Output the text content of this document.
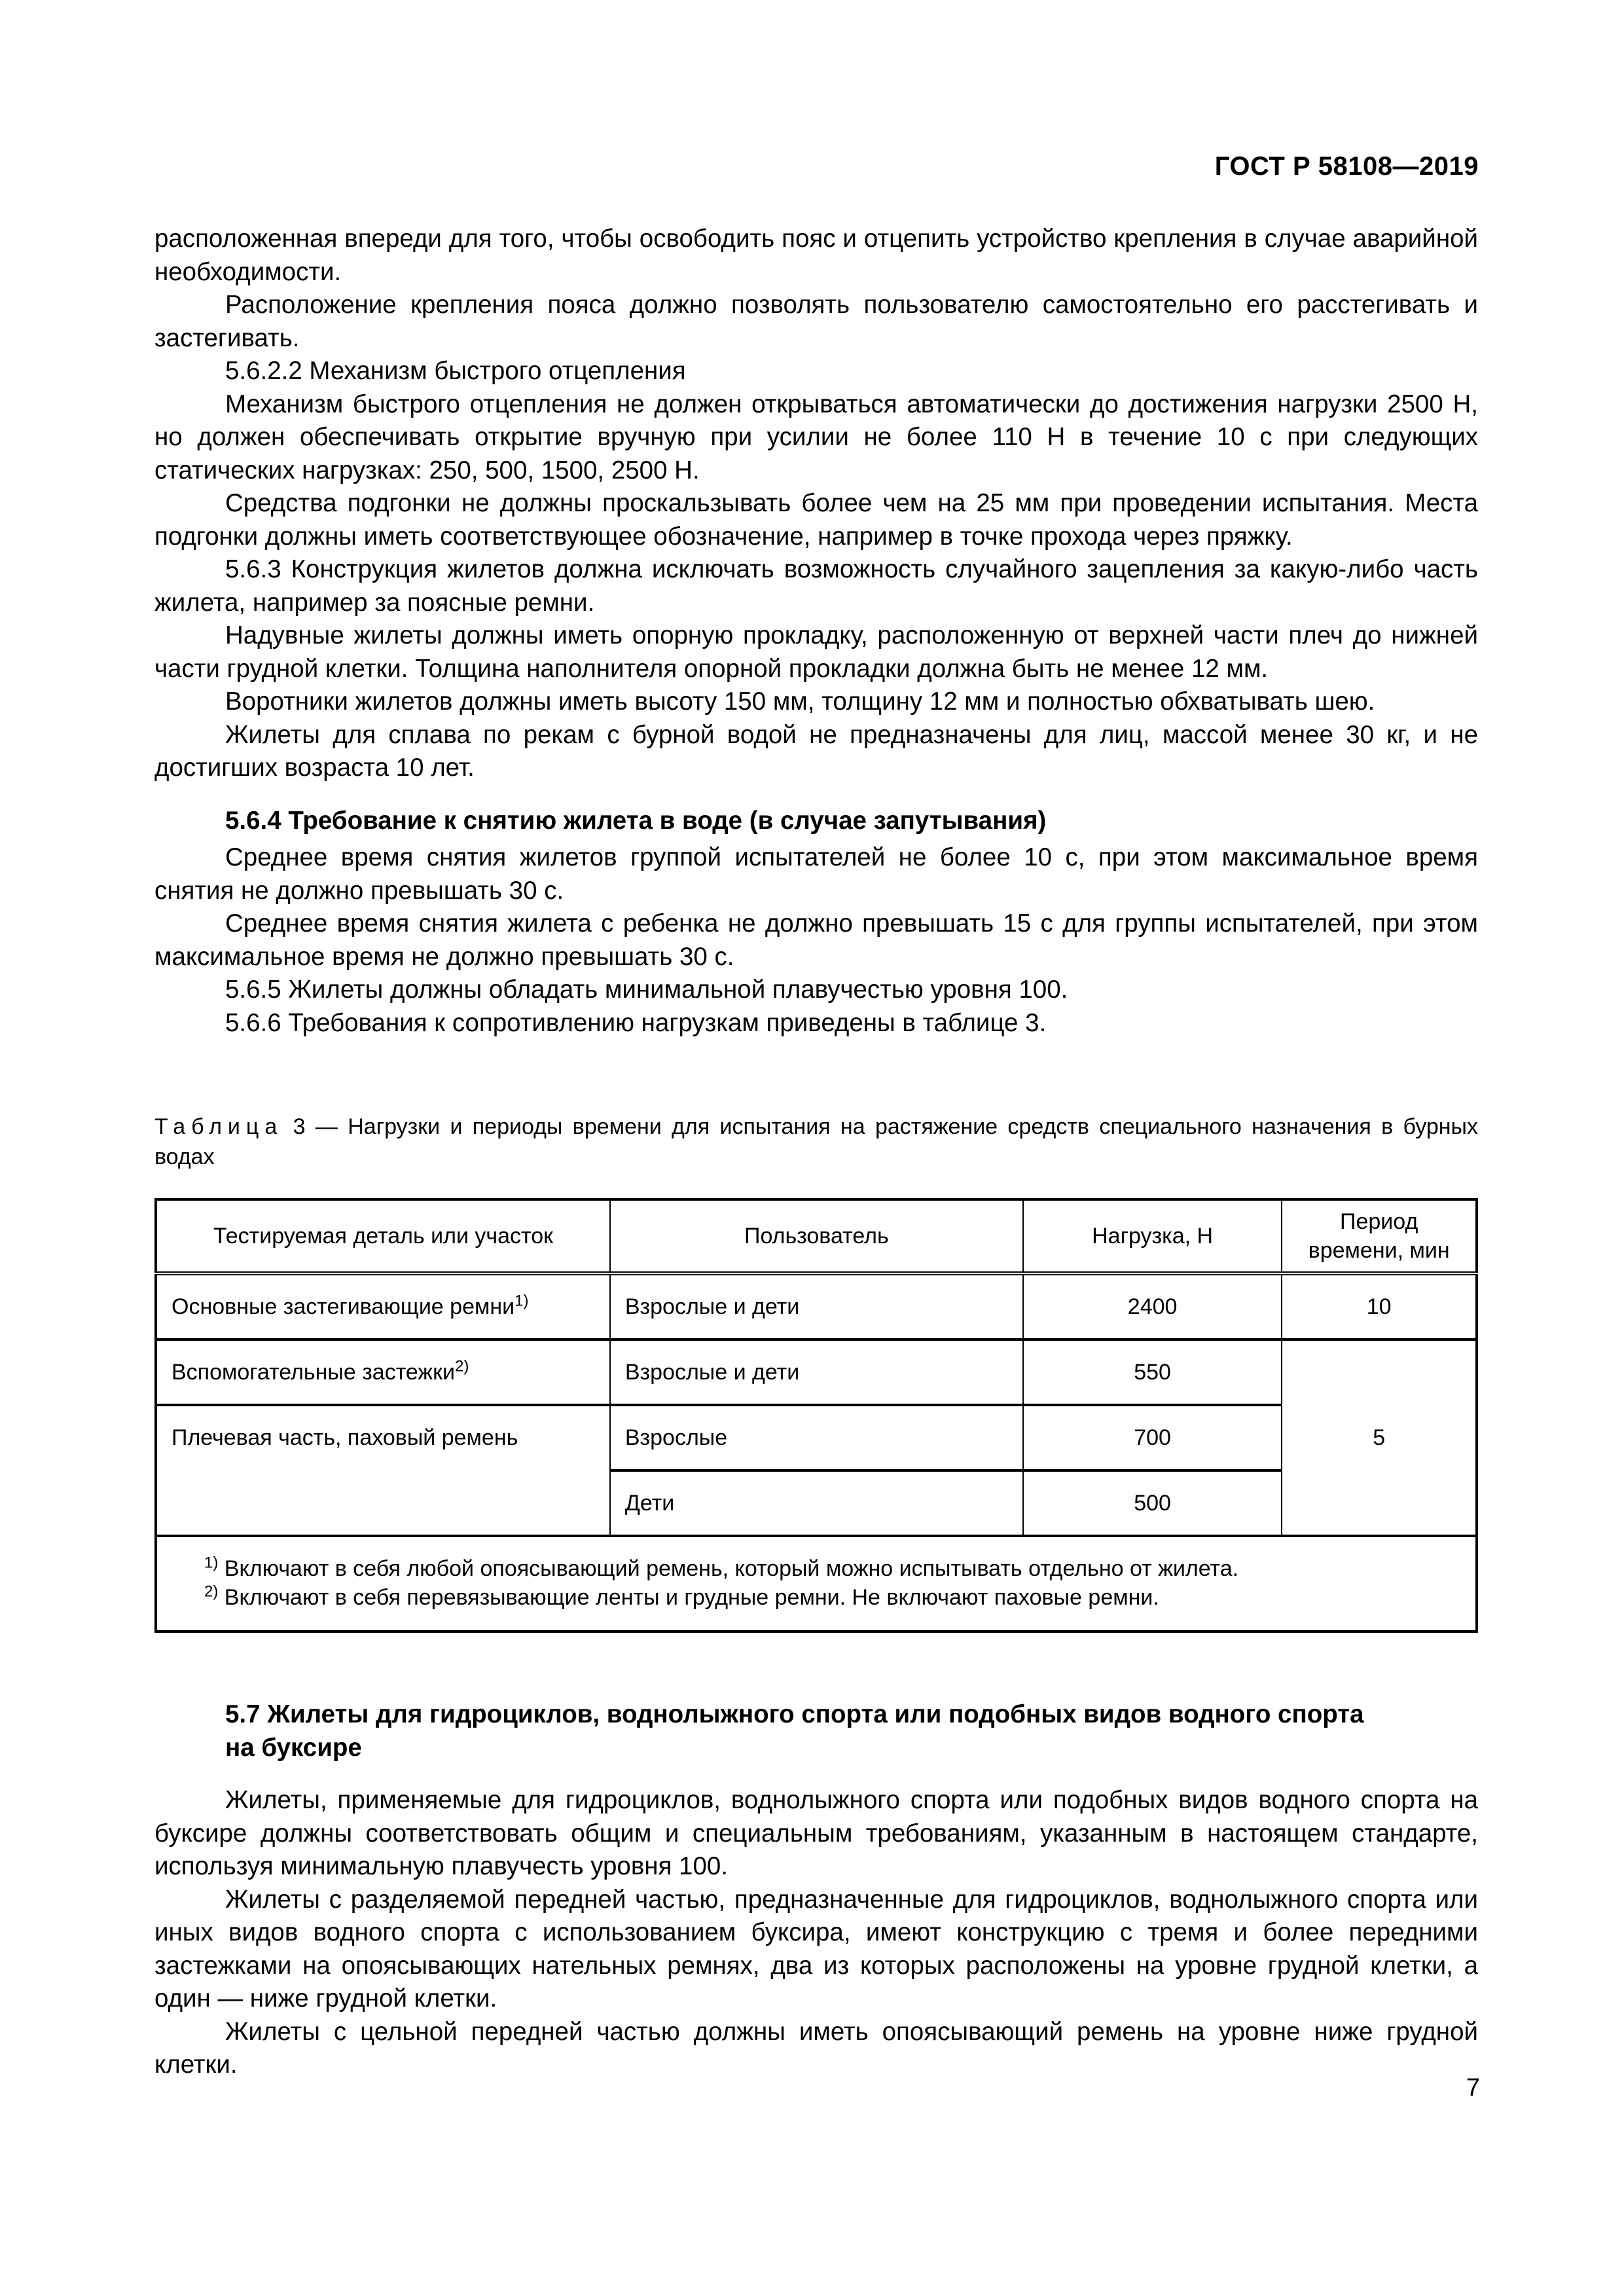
ГОСТ Р 58108—2019

расположенная впереди для того, чтобы освободить пояс и отцепить устройство крепления в случае аварийной необходимости.

Расположение крепления пояса должно позволять пользователю самостоятельно его расстегивать и застегивать.

5.6.2.2 Механизм быстрого отцепления

Механизм быстрого отцепления не должен открываться автоматически до достижения нагрузки 2500 Н, но должен обеспечивать открытие вручную при усилии не более 110 Н в течение 10 с при следующих статических нагрузках: 250, 500, 1500, 2500 Н.

Средства подгонки не должны проскальзывать более чем на 25 мм при проведении испытания. Места подгонки должны иметь соответствующее обозначение, например в точке прохода через пряжку.

5.6.3 Конструкция жилетов должна исключать возможность случайного зацепления за какую-либо часть жилета, например за поясные ремни.

Надувные жилеты должны иметь опорную прокладку, расположенную от верхней части плеч до нижней части грудной клетки. Толщина наполнителя опорной прокладки должна быть не менее 12 мм.

Воротники жилетов должны иметь высоту 150 мм, толщину 12 мм и полностью обхватывать шею.

Жилеты для сплава по рекам с бурной водой не предназначены для лиц, массой менее 30 кг, и не достигших возраста 10 лет.

5.6.4 Требование к снятию жилета в воде (в случае запутывания)

Среднее время снятия жилетов группой испытателей не более 10 с, при этом максимальное время снятия не должно превышать 30 с.

Среднее время снятия жилета с ребенка не должно превышать 15 с для группы испытателей, при этом максимальное время не должно превышать 30 с.

5.6.5 Жилеты должны обладать минимальной плавучестью уровня 100.

5.6.6 Требования к сопротивлению нагрузкам приведены в таблице 3.

Таблица 3 — Нагрузки и периоды времени для испытания на растяжение средств специального назначения в бурных водах

Тестируемая деталь или участок	Пользователь	Нагрузка, Н	Период времени, мин
Основные застегивающие ремни$^{1)}$	Взрослые и дети	2400	10
Вспомогательные застежки$^{2)}$	Взрослые и дети	550	5
Плечевая часть, паховый ремень	Взрослые	700	
	Дети	500	

$^{1)}$ Включают в себя любой опоясывающий ремень, который можно испытывать отдельно от жилета.

$^{2)}$ Включают в себя перевязывающие ленты и грудные ремни. Не включают паховые ремни.			

5.7 Жилеты для гидроциклов, воднолыжного спорта или подобных видов водного спорта
на буксире

Жилеты, применяемые для гидроциклов, воднолыжного спорта или подобных видов водного спорта на буксире должны соответствовать общим и специальным требованиям, указанным в настоящем стандарте, используя минимальную плавучесть уровня 100.

Жилеты с разделяемой передней частью, предназначенные для гидроциклов, воднолыжного спорта или иных видов водного спорта с использованием буксира, имеют конструкцию с тремя и более передними застежками на опоясывающих нательных ремнях, два из которых расположены на уровне грудной клетки, а один — ниже грудной клетки.

Жилеты с цельной передней частью должны иметь опоясывающий ремень на уровне ниже грудной клетки.

7
